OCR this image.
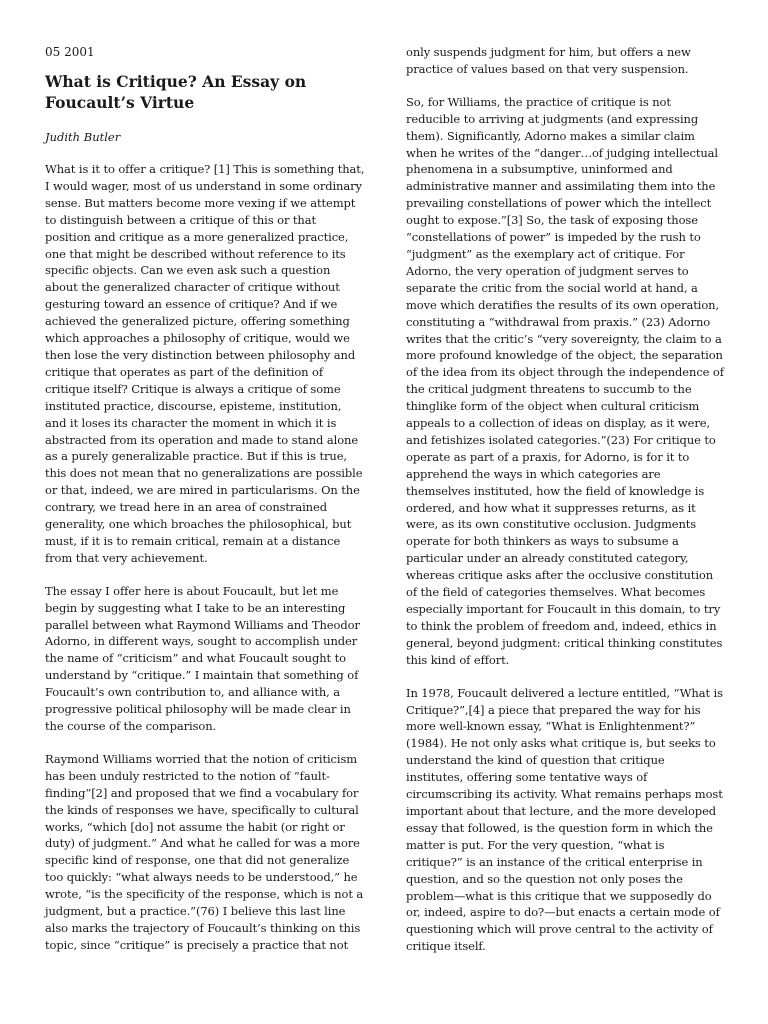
05 2001
What is Critique? An Essay on Foucault’s Virtue
Judith Butler

What is it to offer a critique? [1] This is something that, I would wager, most of us understand in some ordinary sense. But matters become more vexing if we attempt to distinguish between a critique of this or that position and critique as a more generalized practice, one that might be described without reference to its specific objects. Can we even ask such a question about the generalized character of critique without gesturing toward an essence of critique? And if we achieved the generalized picture, offering something which approaches a philosophy of critique, would we then lose the very distinction between philosophy and critique that operates as part of the definition of critique itself? Critique is always a critique of some instituted practice, discourse, episteme, institution, and it loses its character the moment in which it is abstracted from its operation and made to stand alone as a purely generalizable practice. But if this is true, this does not mean that no generalizations are possible or that, indeed, we are mired in particularisms. On the contrary, we tread here in an area of constrained generality, one which broaches the philosophical, but must, if it is to remain critical, remain at a distance from that very achievement.

The essay I offer here is about Foucault, but let me begin by suggesting what I take to be an interesting parallel between what Raymond Williams and Theodor Adorno, in different ways, sought to accomplish under the name of “criticism” and what Foucault sought to understand by “critique.” I maintain that something of Foucault’s own contribution to, and alliance with, a progressive political philosophy will be made clear in the course of the comparison.

Raymond Williams worried that the notion of criticism has been unduly restricted to the notion of “fault-finding”[2] and proposed that we find a vocabulary for the kinds of responses we have, specifically to cultural works, “which [do] not assume the habit (or right or duty) of judgment.” And what he called for was a more specific kind of response, one that did not generalize too quickly: “what always needs to be understood,” he wrote, “is the specificity of the response, which is not a judgment, but a practice.”(76) I believe this last line also marks the trajectory of Foucault’s thinking on this topic, since “critique” is precisely a practice that not

only suspends judgment for him, but offers a new practice of values based on that very suspension.

So, for Williams, the practice of critique is not reducible to arriving at judgments (and expressing them). Significantly, Adorno makes a similar claim when he writes of the “danger…of judging intellectual phenomena in a subsumptive, uninformed and administrative manner and assimilating them into the prevailing constellations of power which the intellect ought to expose.”[3] So, the task of exposing those “constellations of power” is impeded by the rush to “judgment” as the exemplary act of critique. For Adorno, the very operation of judgment serves to separate the critic from the social world at hand, a move which deratifies the results of its own operation, constituting a “withdrawal from praxis.” (23) Adorno writes that the critic’s “very sovereignty, the claim to a more profound knowledge of the object, the separation of the idea from its object through the independence of the critical judgment threatens to succumb to the thinglike form of the object when cultural criticism appeals to a collection of ideas on display, as it were, and fetishizes isolated categories.”(23) For critique to operate as part of a praxis, for Adorno, is for it to apprehend the ways in which categories are themselves instituted, how the field of knowledge is ordered, and how what it suppresses returns, as it were, as its own constitutive occlusion. Judgments operate for both thinkers as ways to subsume a particular under an already constituted category, whereas critique asks after the occlusive constitution of the field of categories themselves. What becomes especially important for Foucault in this domain, to try to think the problem of freedom and, indeed, ethics in general, beyond judgment: critical thinking constitutes this kind of effort.

In 1978, Foucault delivered a lecture entitled, “What is Critique?”,[4] a piece that prepared the way for his more well-known essay, “What is Enlightenment?” (1984). He not only asks what critique is, but seeks to understand the kind of question that critique institutes, offering some tentative ways of circumscribing its activity. What remains perhaps most important about that lecture, and the more developed essay that followed, is the question form in which the matter is put. For the very question, “what is critique?” is an instance of the critical enterprise in question, and so the question not only poses the problem—what is this critique that we supposedly do or, indeed, aspire to do?—but enacts a certain mode of questioning which will prove central to the activity of critique itself.
